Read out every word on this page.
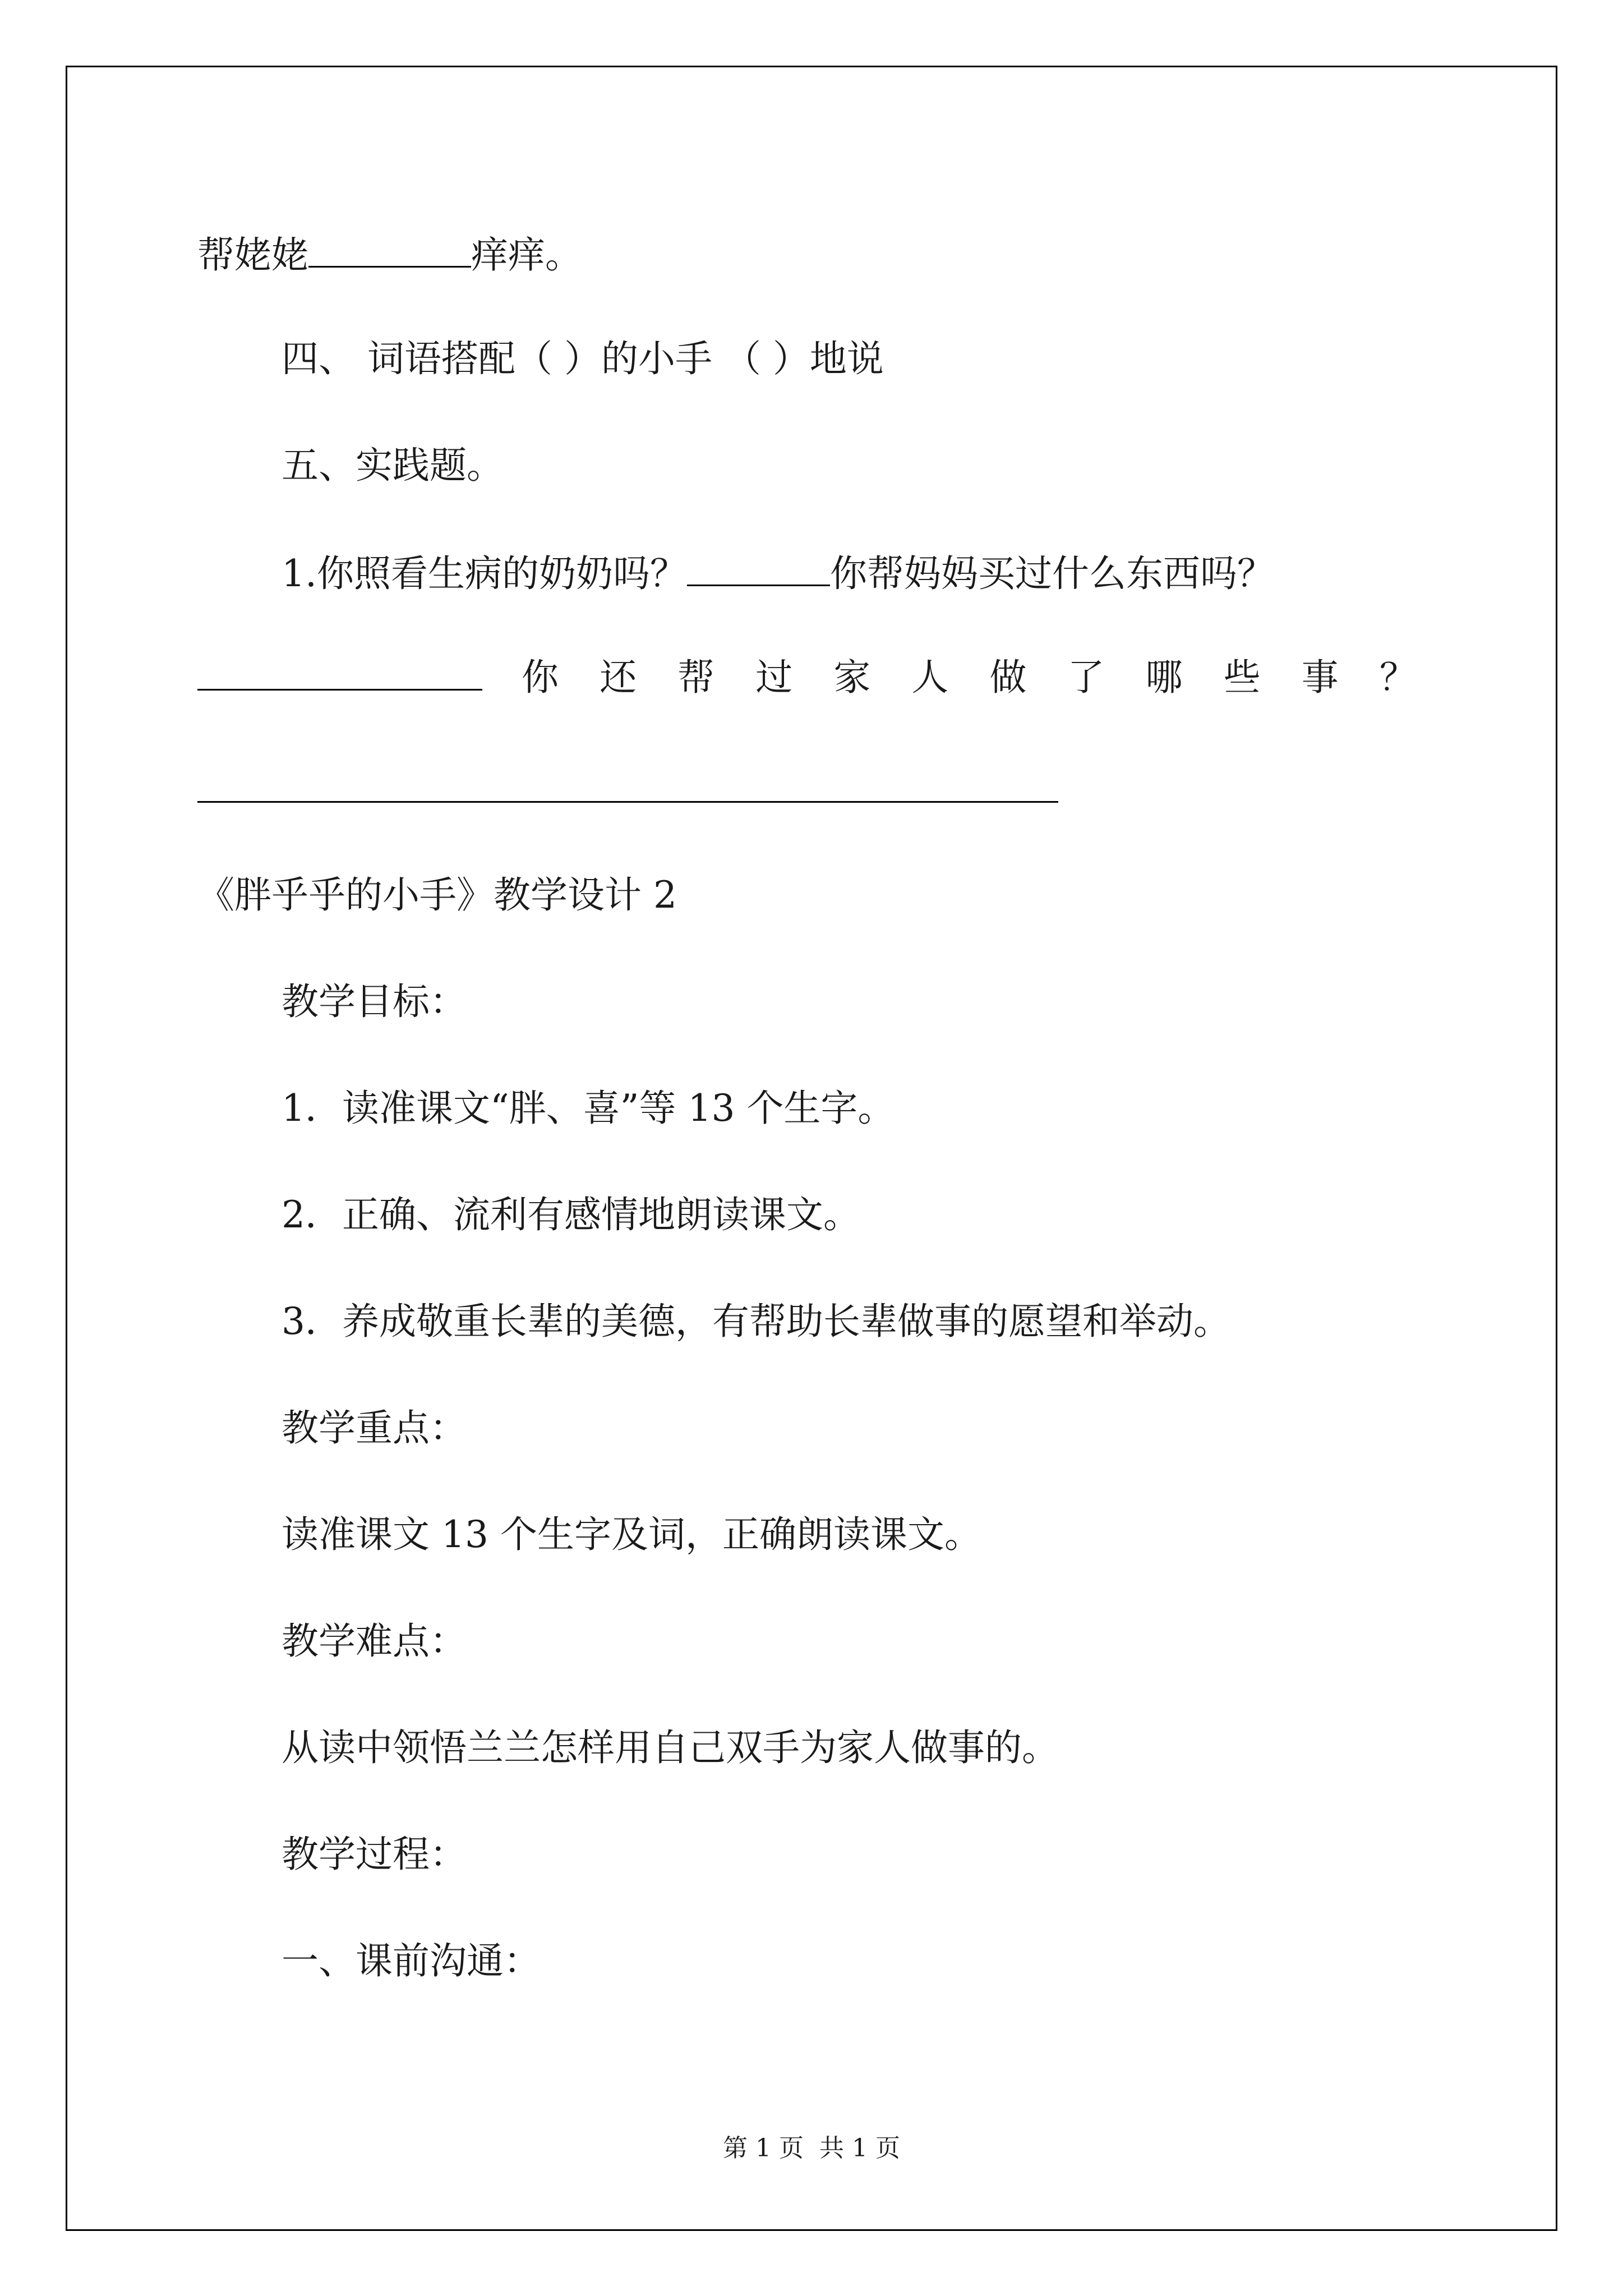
帮姥姥	痒痒。
四、 词语搭配（ ）的小手 （ ）地说
五、实践题。
1.你照看生病的奶奶吗？	你帮妈妈买过什么东西吗？
你 还 帮 过 家 人 做 了 哪 些 事 ？
《胖乎乎的小手》教学设计 2
教学目标：
1．读准课文“胖、喜”等 13 个生字。
2．正确、流利有感情地朗读课文。
3．养成敬重长辈的美德，有帮助长辈做事的愿望和举动。
教学重点：
读准课文 13 个生字及词，正确朗读课文。
教学难点：
从读中领悟兰兰怎样用自己双手为家人做事的。
教学过程：
一、课前沟通：
第 1 页 共 1 页
